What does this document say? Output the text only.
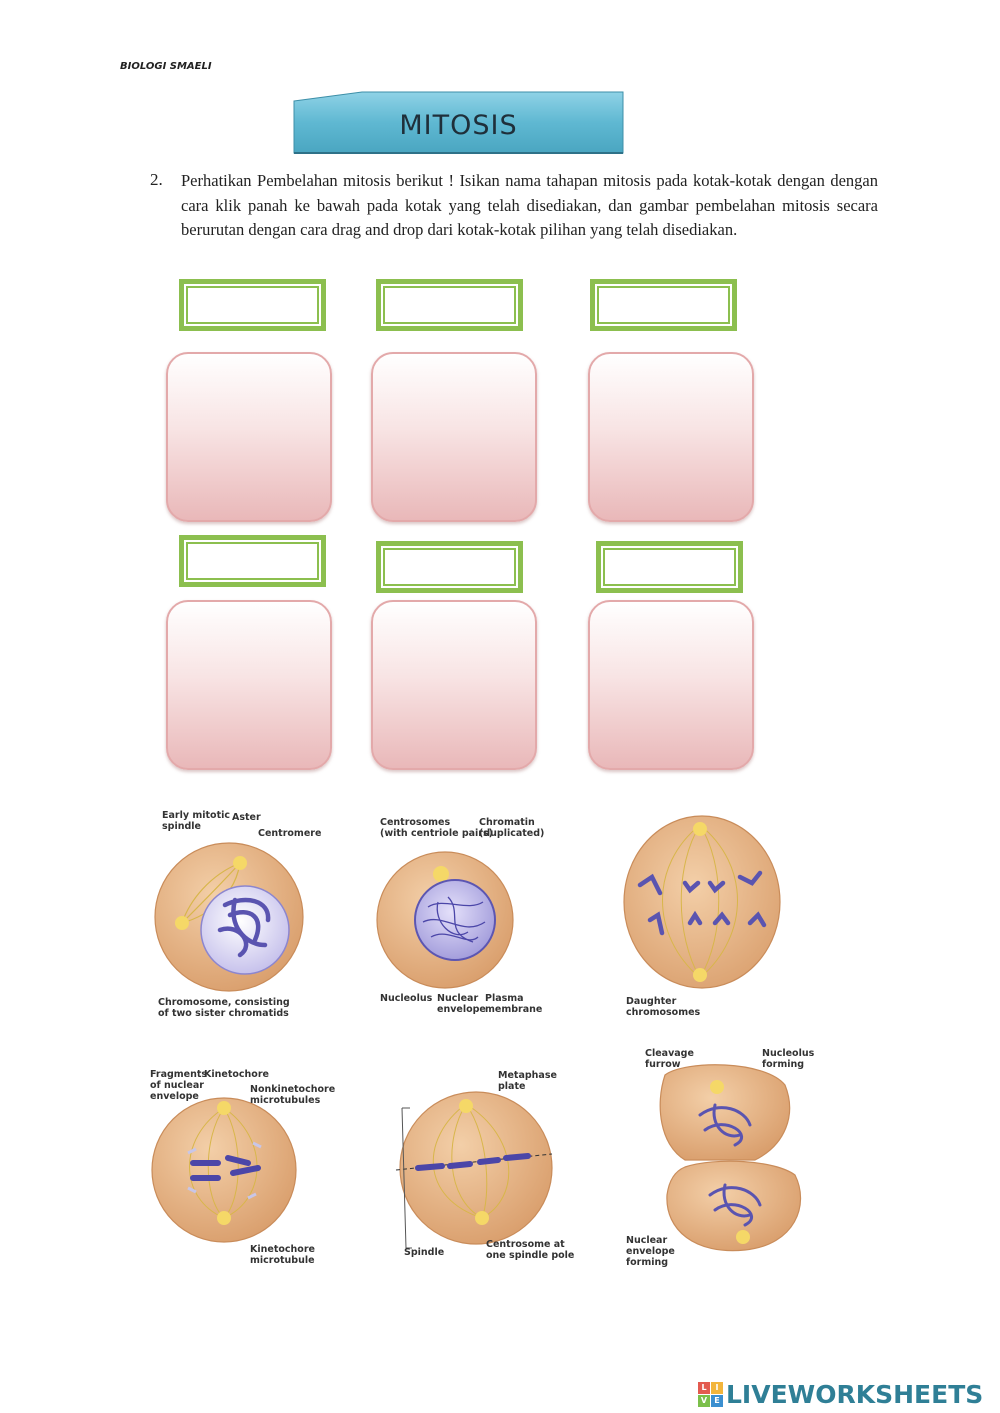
BIOLOGI SMAELI
MITOSIS
2. Perhatikan Pembelahan mitosis berikut ! Isikan nama tahapan mitosis pada kotak-kotak dengan dengan cara klik panah ke bawah pada kotak yang telah disediakan, dan gambar pembelahan mitosis secara berurutan dengan cara drag and drop dari kotak-kotak pilihan yang telah disediakan.

Early mitotic
spindle
Aster
Centromere
Chromosome, consisting
of two sister chromatids
Centrosomes
(with centriole pairs)
Chromatin
(duplicated)
Nucleolus Nuclear
envelope
Plasma
membrane
Daughter
chromosomes
Fragments
of nuclear
envelope
Kinetochore
Nonkinetochore
microtubules
Kinetochore
microtubule
Metaphase
plate
Spindle
Centrosome at
one spindle pole
Cleavage
furrow
Nucleolus
forming
Nuclear
envelope
forming
L	I
V E LIVEWORKSHEETS
